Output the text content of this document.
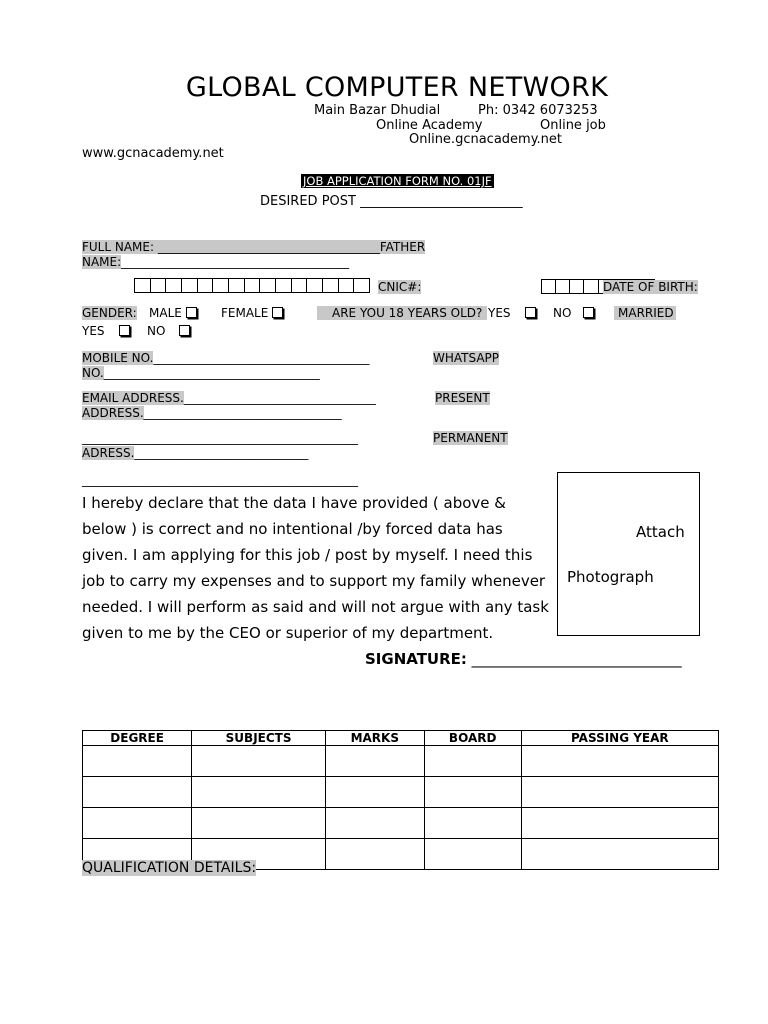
GLOBAL COMPUTER NETWORK
Main Bazar Dhudial	Ph: 0342 6073253
Online Academy	Online job
Online.gcnacademy.net
www.gcnacademy.net
JOB APPLICATION FORM NO. 01JF
DESIRED POST _________________________
FULL NAME: _____________________________________FATHER
NAME:______________________________________
CNIC#:	DATE OF BIRTH:
GENDER: MALE	FEMALE	ARE YOU 18 YEARS OLD? YES	NO	MARRIED
YES	NO
MOBILE NO.____________________________________	WHATSAPP
NO.____________________________________
EMAIL ADDRESS.________________________________	PRESENT
ADDRESS._________________________________
______________________________________________	PERMANENT
ADRESS._____________________________
______________________________________________
I hereby declare that the data I have provided ( above & below ) is correct and no intentional /by forced data has given. I am applying for this job / post by myself. I need this job to carry my expenses and to support my family whenever needed. I will perform as said and will not argue with any task given to me by the CEO or superior of my department.
SIGNATURE: ____________________________
Attach
Photograph
DEGREE	SUBJECTS	MARKS	BOARD	PASSING YEAR

QUALIFICATION DETAILS:
